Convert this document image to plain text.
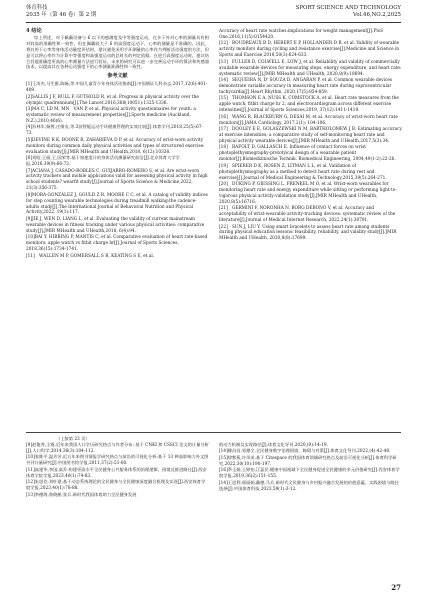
体育科技
2035 年（第 46 卷）第 2 期
SPORT SCIENCE AND TECHNOLOGY
Vol.46,NO.2,2025
4 结论

综上所述，对于佩戴设备与 6 以下的感测度及中等强度运动，在多于外对心率的测量具有相对较高的准确性和一致性，但在佩戴较大于 6 的高强度运动下，心率的测量是不准确的。因此，将其用于心率等身体活动量度评估时，建议避免采用手环测量的心率作为判断活动强度的方法，但是可以将心率作为计算中等强度和高强度运动的总时长的判定依据。在进行高强度运动时，建议结合其他准确度更高的心率测量方法进行验证，未来的研究可以进一步完善运动手环的算法和传感器技术，以提高其在各种运动强度下的心率测量准确性和一致性。

参考文献
[1]王涛杰,马生雅,陈畅,等.中国儿童青少年身体活动指南[J].中国循证儿科杂志,2017,12(6):401-409.
[2]SALLIS J F, BULL F, GUTHOLD R, et al. Progress in physical activity over the olympic quadrennium[J].The Lancet,2016,388(10051):1325-1336.
[3]MA C, LD M, MN　VAN P, et al. Physical activity questionnaires for youth: a systematic review of measurement properties[J].Sports medicine (Auckland, N.Z.),2010,40(6).
[4]苏林军,杨曾,庄维友,等.3款智能运动手环健康管理的实效比较[J].体育学刊,2018,25(5):67-73.
[5]DEVINE R K, BOONE R, ZAHARIEVA D P, et al. Accuracy of wrist-worn activity monitors during common daily physical activities and types of structured exercise: evaluation study[J].JMIR MHealth and UHealth,2018, 6(12):10338.
[6]刘昭,王丽,王,国荣等.基于加速度计的身体活动测量研究前沿[J].北京体育大学学报,2016,39(9):66-73.
[7]ACIANA J, CASADO-ROBLES C, GUIJARRO-ROMERO S, et al. Are wrist-worn activity trackers and mobile applications valid for assessing physical activity in high school students? wearfit study[J].Journal of Sports Science & Medicine,2022, 21(3):356-375.
[8]MORA-GONZÁLEZ J, GOULD Z R, MOORE C C, et al. A catalog of validity indices for step counting wearable technologies during treadmill walking:the cadence-adults study[J].The International Journal of Behavioral Nutrition and Physical Activity,2022, 19(1):117.
[9]JIE J, WEN D, LIANG L, et al. Evaluating the validity of current mainstream wearable devices in fitness tracking under various physical activities: comparative study[J].JMIR MHealth and UHealth,2018, 6(4):94.
[10]BAI Y, HIBBING P, MANTIS C, et al. Comparative evaluation of heart rate-based monitors: apple watch vs fitbit charge hr[J].Journal of Sports Sciences, 2018,36(15):1734-1741.
[11]　WALLEN M P, GOMERSALL S R, KEATING S E, et al.
Accuracy of heart rate watches:implications for weight management[J].PloS One,2016,11(5):0154420.
[12]　BOUDREAUX B D, HEBERT E P, HOLLANDER D B, et al. Validity of wearable activity monitors during cycling and resistance exercise[J].Medicine and Science in Sports and Exercise,2018,50(3):624-633.
[13]　FULLER D, COLWELL E, LOW J, et al. Reliability and validity of commercially available wearable devices for measuring steps, energy expenditure, and heart rate: systematic review[J].JMIR MHealth and UHealth, 2020,8(9):18694.
[14]　SEQUEIRA N, D' SOUZA D, ANGARAN P, et al. Common wearable devices demonstrate variable accuracy in measuring heart rate during supraventricular tachycardia[J].Heart Rhythm, 2020,17(5):854-859.
[15]　THOMSON E A, NUSS K, COMSTOCK A, et al. Heart rate measures from the apple watch, fitbit charge hr 2, and electrocardiogram across different exercise intensities[J].Journal of Sports Sciences,2019, 37(12):1411-1419.
[16]　WANG R, BLACKBURN G, DESAI M, et al. Accuracy of wrist-worn heart rate monitors[J].JAMA Cardiology, 2017,2(1): 104-106.
[17]　DOOLEY E E, GOLASZEWSKI N M, BARTHOLOMEW J B. Estimating accuracy at exercise intensities: a comparative study of self-monitoring heart rate and physical activity wearable devices[J].JMIR MHealth and UHealth,2017,5(3):34.
[18]　RAFOLT D, GALLASCH E. Influence of contact forces on wrist photoplethysmography-prototyical design of a wearable patient monitor[J].Biomedizinische Technik. Biomedical Engineering, 2004,49(1-2):22-26.
[19]　SPIERER D K, ROSEN Z, LITMAN L L, et al. Validation of photoplethysmography as a method to detect heart rate during rest and exercise[J].Journal of Medical Engineering & Technology,2015,39(5):264-271.
[20]　DÜKING P, GIESSING L, FRENKEL M O, et al. Wrist-worn wearables for monitoring heart rate and energy expenditure while sitting or performing light-to-vigorous physical activity:validation study[J].JMIR MHealth and UHealth, 2020,8(5):16716.
[21]　GERMINI F, NORONHA N, BORG DEBONO V, et al. Accuracy and acceptability of wrist-wearable activity-tracking devices: systematic review of the literature[J].Journal of Medical Internet Research, 2022,24(1):30791.
[22]　SUN J, LIU Y. Using smart bracelets to assess heart rate among students during physical education lessons: feasibility, reliability, and validity study[J].JMIR MHealth and UHealth, 2020,8(8):17699.
（上接第 23 页）
[9]赵俊秀,王霞.近年来我国人口学历研究热点与作者分布: 基于 CNKI 和 CSSCI 论文的计量分析[J].人口科学,2014,36(3):104-112.
[10]张维平,温芳芳.近五年来图书情报学研究热点与前沿的可视化分析:基于 13 种高影响力外文图书刊计量研究[J].中国图书馆学报,2011,37(2):51-60.
[11]高建华,李国,高乔.构建更高水平全民健身公共服务体系的治理逻辑、困境及推进路径[J].西安体育学院学报,2023,40(1):74-83.
[12]朱思佼,刘叶建.基于动态系统理论的全民健身与全民健康深度融合机理及实现[J].西安体育学院学报,2023,40(1):78-88.
[13]李德海,鲁晓彬,张兵.新时代我国体育助力全民健身发展
的动力机制及实现路径[J].体育文化导刊,2020,(9):14-19.
[14]柳昌昌,邹德全.全民健身数字治理困境、障碍与对策[J].体育文化导刊,2022,(4):42-48.
[15]徐紫燕,许凤英.基于 Citespace 的我国体育领域研究热点及前沿可视化分析[J].体育科学研究,2022,30(10):190-197.
[16]季玉娟,王婷怡,江蕊民.健康中国视域下全民健身促进全民健康的多元价值研究[J].西安体育学院学报,2019,36(2):151-155.
[14]王思利,邢丽娟,戴德,马兵.新时代全民健身与乡村振兴融合发展的价值意蕴、实践困境与路径选择[J].中国体育科技,2023,59(1):3-12.
27
